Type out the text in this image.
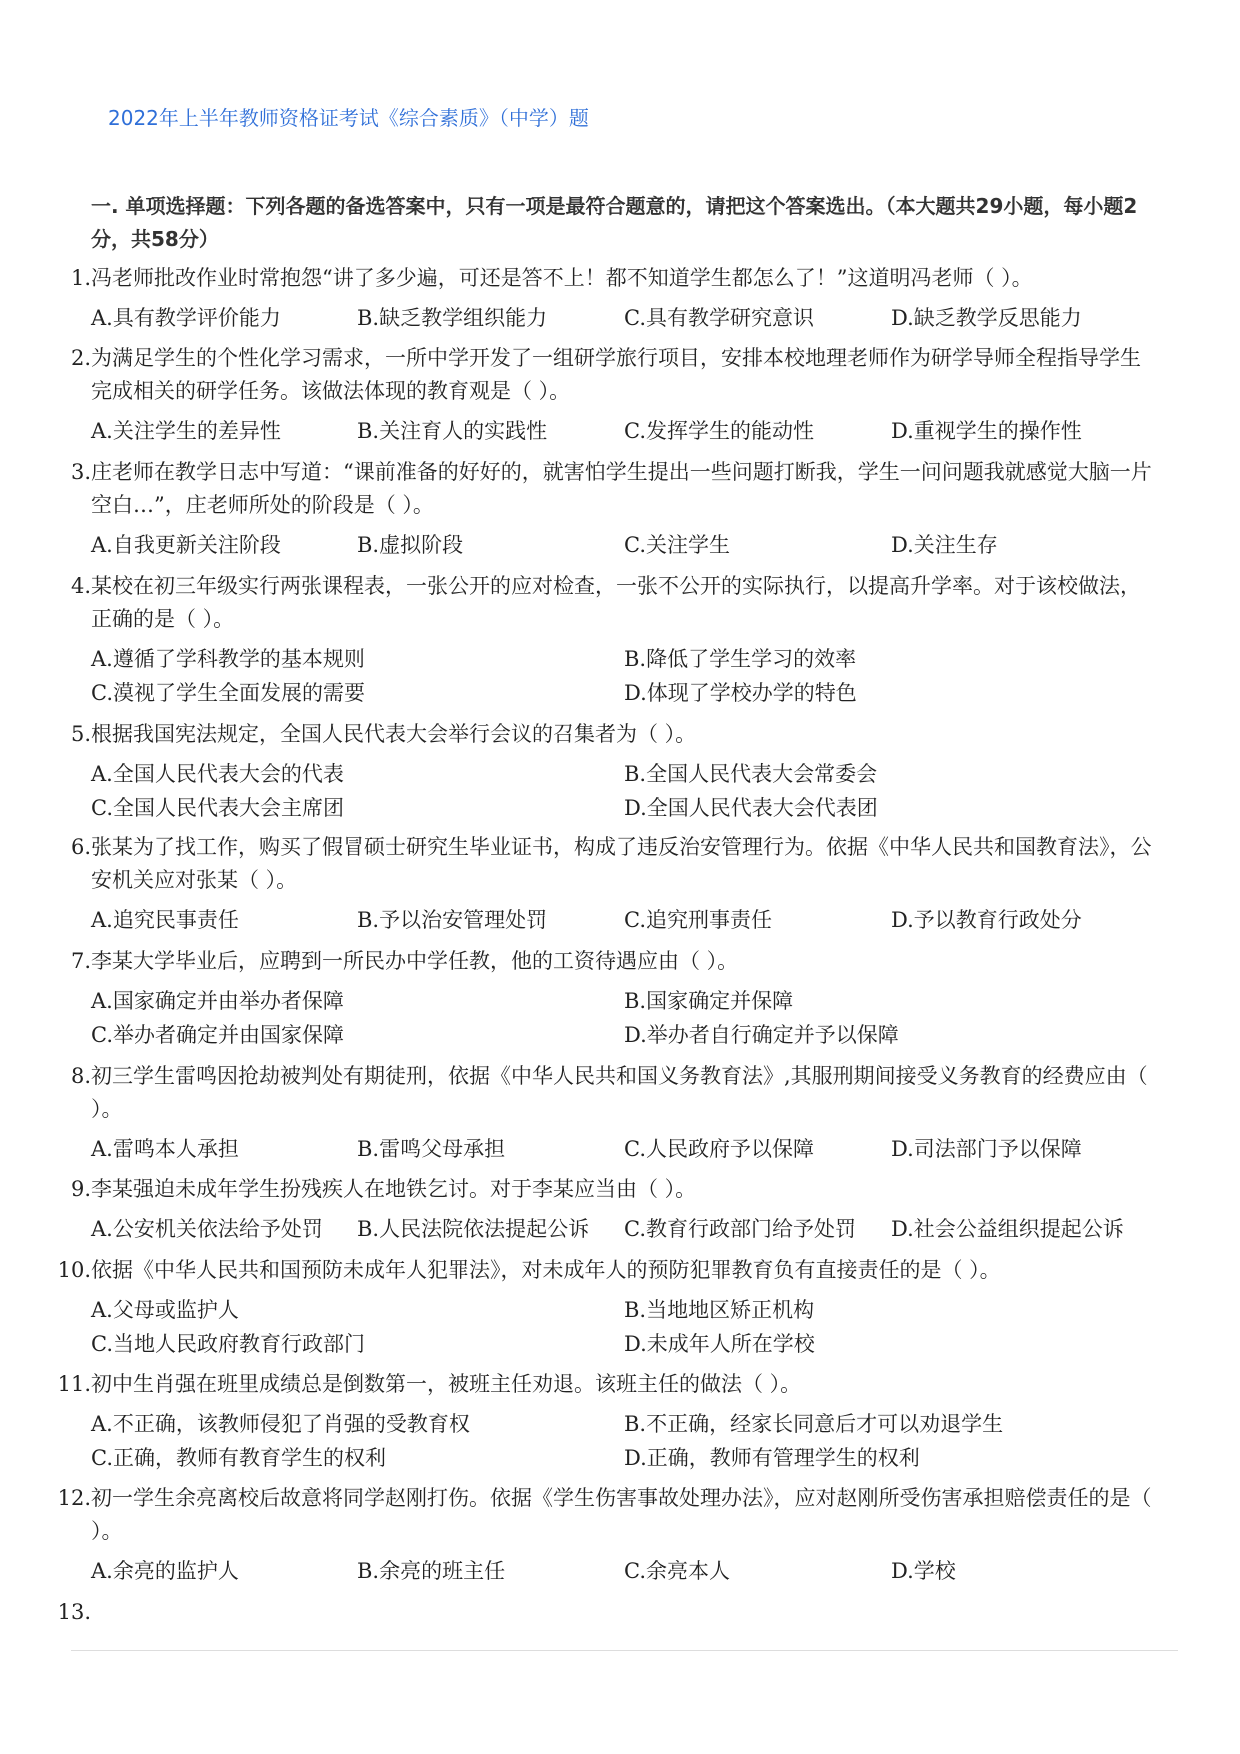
2022年上半年教师资格证考试《综合素质》（中学）题
一. 单项选择题：下列各题的备选答案中，只有一项是最符合题意的，请把这个答案选出。（本大题共29小题，每小题2分，共58分）
1. 冯老师批改作业时常抱怨“讲了多少遍，可还是答不上！都不知道学生都怎么了！”这道明冯老师（ ）。
A.具有教学评价能力	B.缺乏教学组织能力	C.具有教学研究意识	D.缺乏教学反思能力
2. 为满足学生的个性化学习需求，一所中学开发了一组研学旅行项目，安排本校地理老师作为研学导师全程指导学生完成相关的研学任务。该做法体现的教育观是（ ）。
A.关注学生的差异性	B.关注育人的实践性	C.发挥学生的能动性	D.重视学生的操作性
3. 庄老师在教学日志中写道：“课前准备的好好的，就害怕学生提出一些问题打断我，学生一问问题我就感觉大脑一片空白…”，庄老师所处的阶段是（ ）。
A.自我更新关注阶段	B.虚拟阶段	C.关注学生	D.关注生存
4. 某校在初三年级实行两张课程表，一张公开的应对检查，一张不公开的实际执行，以提高升学率。对于该校做法，正确的是（ ）。
A.遵循了学科教学的基本规则	B.降低了学生学习的效率
C.漠视了学生全面发展的需要	D.体现了学校办学的特色
5. 根据我国宪法规定，全国人民代表大会举行会议的召集者为（ ）。
A.全国人民代表大会的代表	B.全国人民代表大会常委会
C.全国人民代表大会主席团	D.全国人民代表大会代表团
6. 张某为了找工作，购买了假冒硕士研究生毕业证书，构成了违反治安管理行为。依据《中华人民共和国教育法》，公安机关应对张某（ ）。
A.追究民事责任	B.予以治安管理处罚	C.追究刑事责任	D.予以教育行政处分
7. 李某大学毕业后，应聘到一所民办中学任教，他的工资待遇应由（ ）。
A.国家确定并由举办者保障	B.国家确定并保障
C.举办者确定并由国家保障	D.举办者自行确定并予以保障
8. 初三学生雷鸣因抢劫被判处有期徒刑，依据《中华人民共和国义务教育法》,其服刑期间接受义务教育的经费应由（ ）。
A.雷鸣本人承担	B.雷鸣父母承担	C.人民政府予以保障	D.司法部门予以保障
9. 李某强迫未成年学生扮残疾人在地铁乞讨。对于李某应当由（ ）。
A.公安机关依法给予处罚	B.人民法院依法提起公诉	C.教育行政部门给予处罚	D.社会公益组织提起公诉
10. 依据《中华人民共和国预防未成年人犯罪法》，对未成年人的预防犯罪教育负有直接责任的是（ ）。
A.父母或监护人	B.当地地区矫正机构
C.当地人民政府教育行政部门	D.未成年人所在学校
11. 初中生肖强在班里成绩总是倒数第一，被班主任劝退。该班主任的做法（ ）。
A.不正确，该教师侵犯了肖强的受教育权	B.不正确，经家长同意后才可以劝退学生
C.正确，教师有教育学生的权利	D.正确，教师有管理学生的权利
12. 初一学生余亮离校后故意将同学赵刚打伤。依据《学生伤害事故处理办法》，应对赵刚所受伤害承担赔偿责任的是（ ）。
A.余亮的监护人	B.余亮的班主任	C.余亮本人	D.学校
13.
